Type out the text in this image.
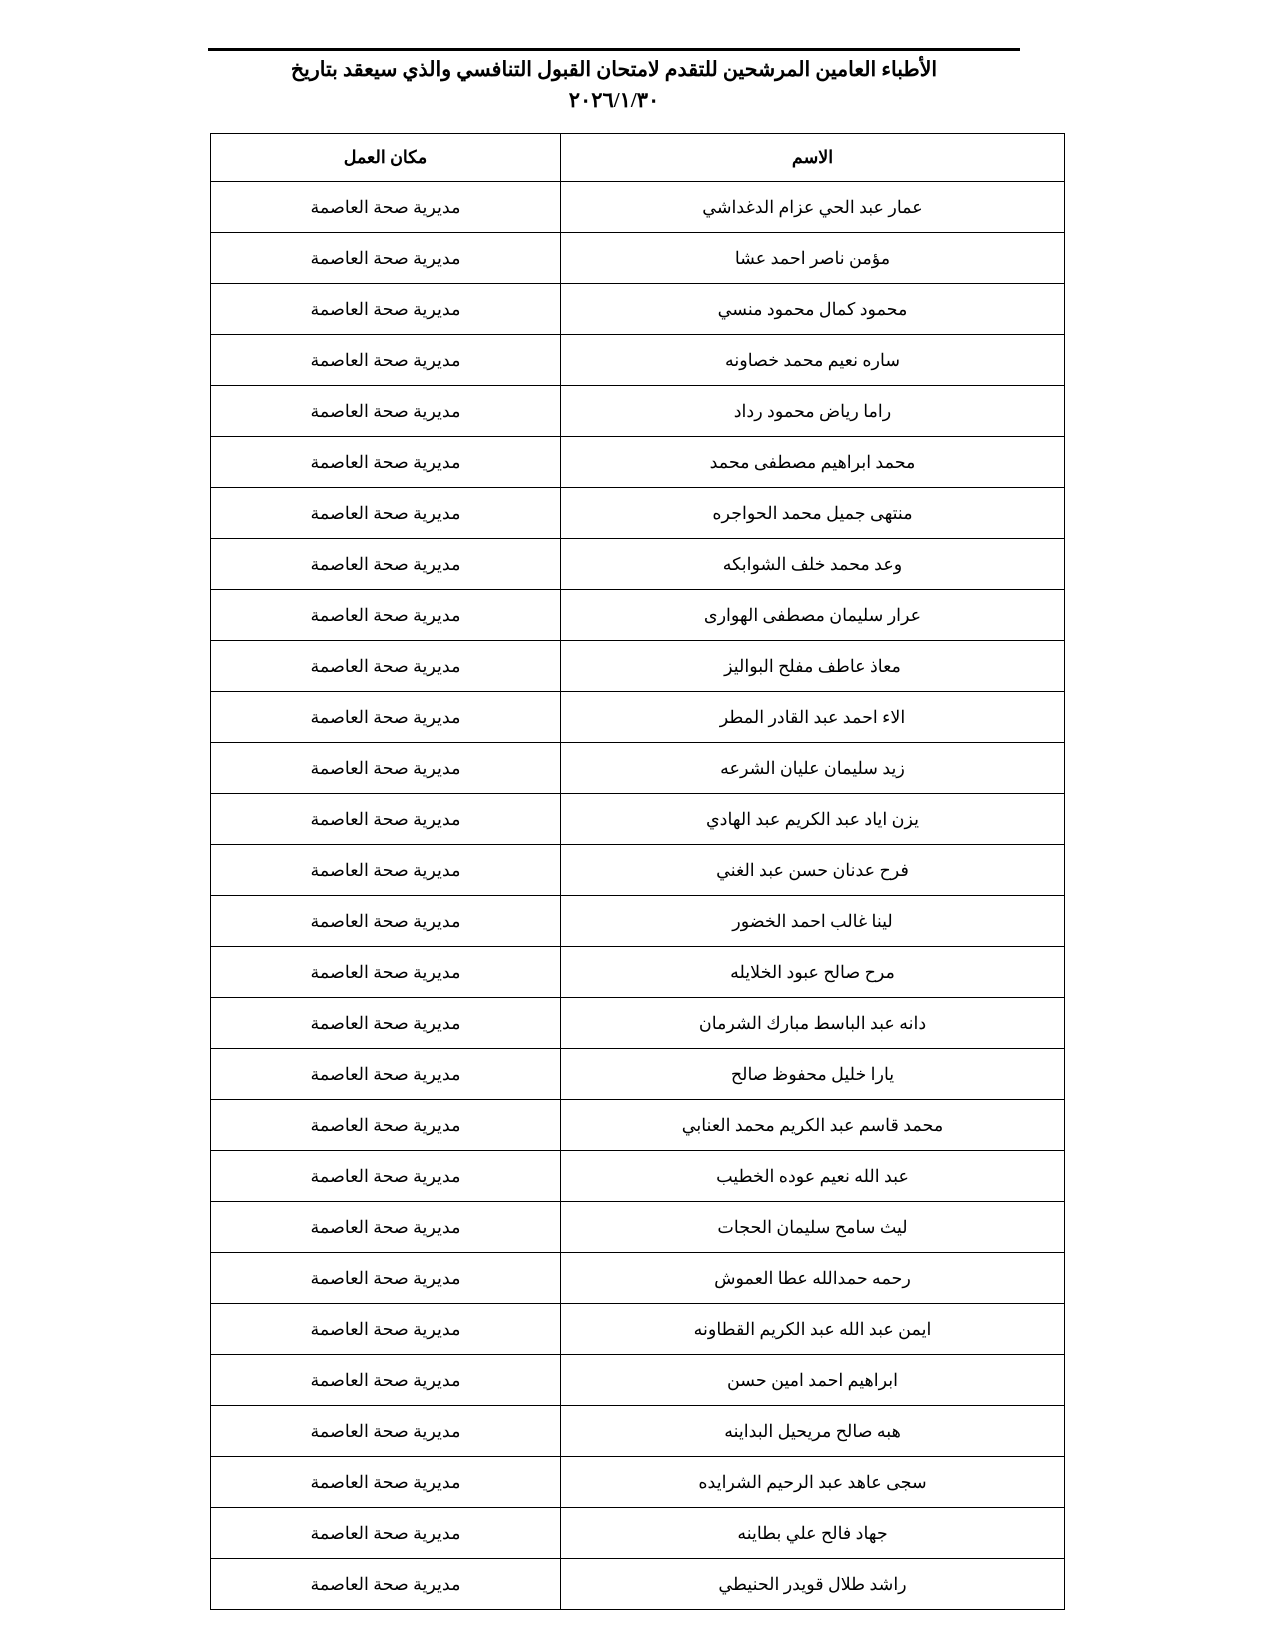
الأطباء العامين المرشحين للتقدم لامتحان القبول التنافسي والذي سيعقد بتاريخ
٢٠٢٦/١/٣٠
الاسم	مكان العمل

عمار عبد الحي عزام الدغداشي	مديرية صحة العاصمة

مؤمن ناصر احمد عشا	مديرية صحة العاصمة

محمود كمال محمود منسي	مديرية صحة العاصمة

ساره نعيم محمد خصاونه	مديرية صحة العاصمة

راما رياض محمود رداد	مديرية صحة العاصمة

محمد ابراهيم مصطفى محمد	مديرية صحة العاصمة

منتهى جميل محمد الحواجره	مديرية صحة العاصمة

وعد محمد خلف الشوابكه	مديرية صحة العاصمة

عرار سليمان مصطفى الهوارى	مديرية صحة العاصمة

معاذ عاطف مفلح البواليز	مديرية صحة العاصمة

الاء احمد عبد القادر المطر	مديرية صحة العاصمة

زيد سليمان عليان الشرعه	مديرية صحة العاصمة

يزن اياد عبد الكريم عبد الهادي	مديرية صحة العاصمة

فرح عدنان حسن عبد الغني	مديرية صحة العاصمة

لينا غالب احمد الخضور	مديرية صحة العاصمة

مرح صالح عبود الخلايله	مديرية صحة العاصمة

دانه عبد الباسط مبارك الشرمان	مديرية صحة العاصمة

يارا خليل محفوظ صالح	مديرية صحة العاصمة

محمد قاسم عبد الكريم محمد العنابي	مديرية صحة العاصمة

عبد الله نعيم عوده الخطيب	مديرية صحة العاصمة

ليث سامح سليمان الحجات	مديرية صحة العاصمة

رحمه حمدالله عطا العموش	مديرية صحة العاصمة

ايمن عبد الله عبد الكريم القطاونه	مديرية صحة العاصمة

ابراهيم احمد امين حسن	مديرية صحة العاصمة

هبه صالح مريحيل البداينه	مديرية صحة العاصمة

سجى عاهد عبد الرحيم الشرايده	مديرية صحة العاصمة

جهاد فالح علي بطاينه	مديرية صحة العاصمة

راشد طلال قويدر الحنيطي	مديرية صحة العاصمة
